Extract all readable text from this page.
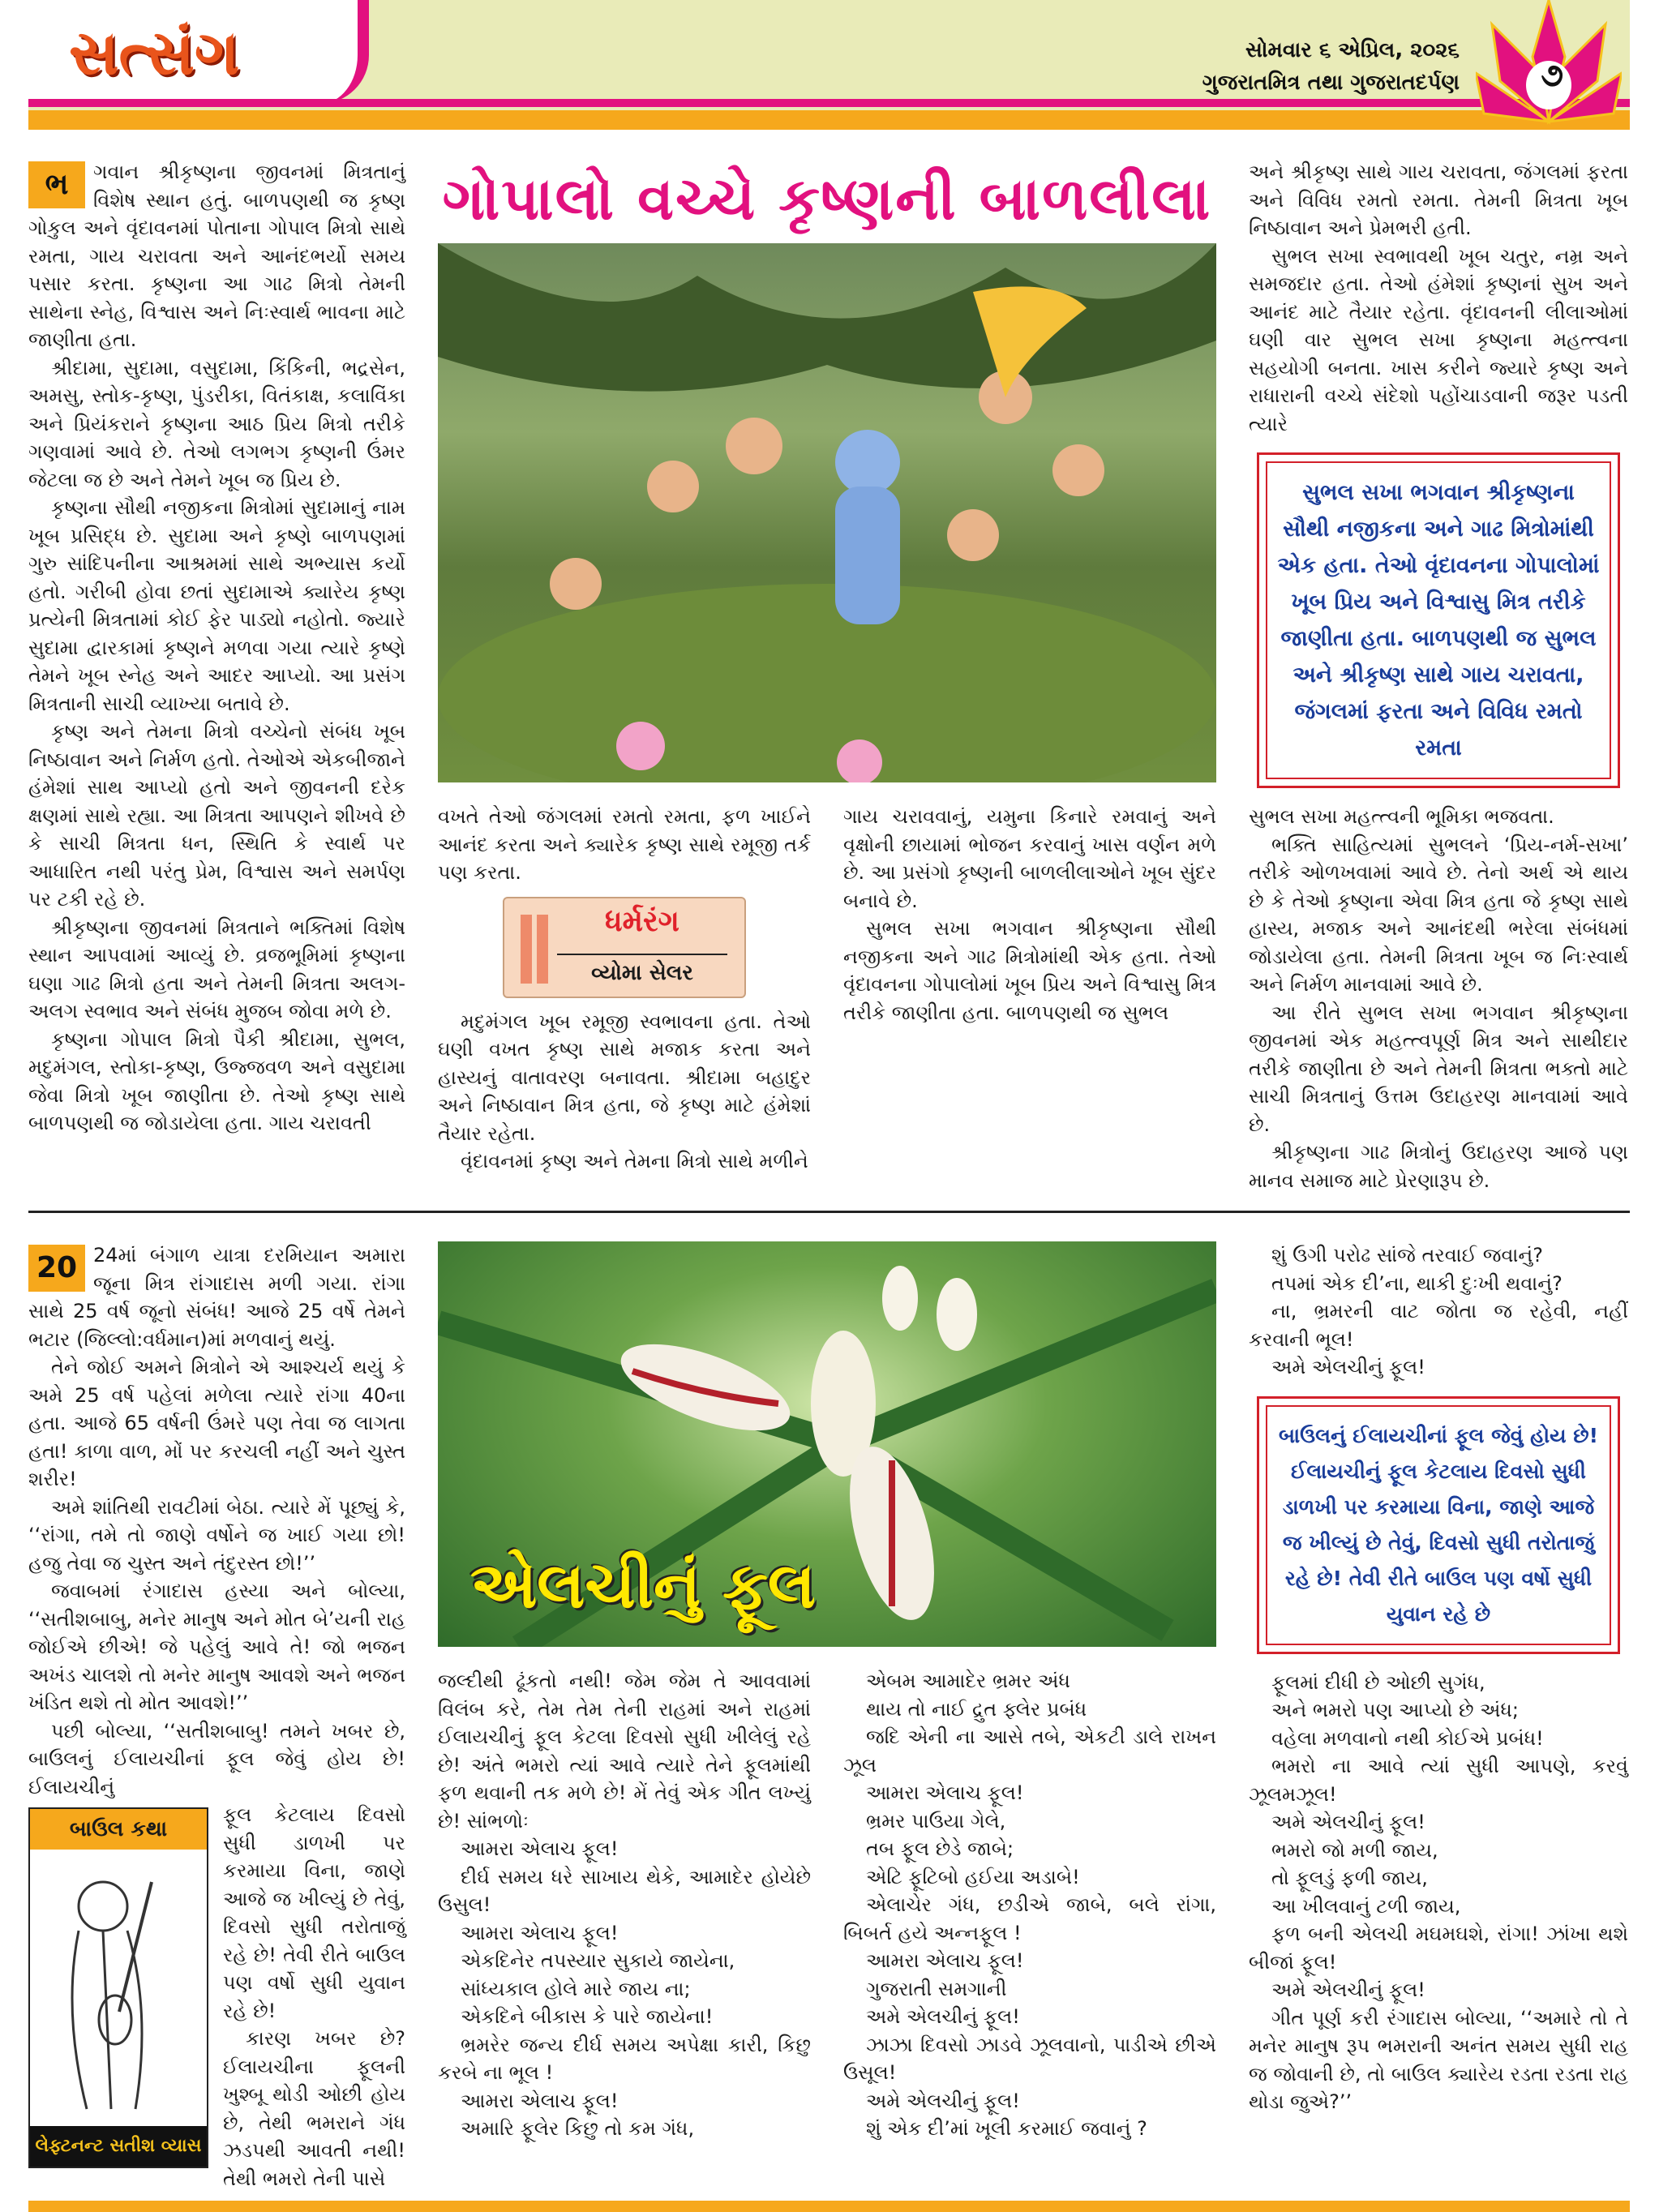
સત્સંગ	સોમવાર ૬ એપ્રિલ, ૨૦૨૬
ગુજરાતમિત્ર તથા ગુજરાતદર્પણ	૭
ભ	ગવાન શ્રીકૃષ્ણના જીવનમાં મિત્રતાનું વિશેષ સ્થાન હતું. બાળપણથી જ કૃષ્ણ ગોકુલ અને વૃંદાવનમાં પોતાના ગોપાલ મિત્રો સાથે રમતા, ગાય ચરાવતા અને આનંદભર્યો સમય પસાર કરતા. કૃષ્ણના આ ગાઢ મિત્રો તેમની સાથેના સ્નેહ, વિશ્વાસ અને નિઃસ્વાર્થ ભાવના માટે જાણીતા હતા.

શ્રીદામા, સુદામા, વસુદામા, કિંકિની, ભદ્રસેન, અમસુ, સ્તોક-કૃષ્ણ, પુંડરીકા, વિતંકાક્ષ, કલાવિંકા અને પ્રિયંકરાને કૃષ્ણના આઠ પ્રિય મિત્રો તરીકે ગણવામાં આવે છે. તેઓ લગભગ કૃષ્ણની ઉંમર જેટલા જ છે અને તેમને ખૂબ જ પ્રિય છે.

કૃષ્ણના સૌથી નજીકના મિત્રોમાં સુદામાનું નામ ખૂબ પ્રસિદ્ધ છે. સુદામા અને કૃષ્ણે બાળપણમાં ગુરુ સાંદિપનીના આશ્રમમાં સાથે અભ્યાસ કર્યો હતો. ગરીબી હોવા છતાં સુદામાએ ક્યારેય કૃષ્ણ પ્રત્યેની મિત્રતામાં કોઈ ફેર પાડ્યો નહોતો. જ્યારે સુદામા દ્વારકામાં કૃષ્ણને મળવા ગયા ત્યારે કૃષ્ણે તેમને ખૂબ સ્નેહ અને આદર આપ્યો. આ પ્રસંગ મિત્રતાની સાચી વ્યાખ્યા બતાવે છે.

કૃષ્ણ અને તેમના મિત્રો વચ્ચેનો સંબંધ ખૂબ નિષ્ઠાવાન અને નિર્મળ હતો. તેઓએ એકબીજાને હંમેશાં સાથ આપ્યો હતો અને જીવનની દરેક ક્ષણમાં સાથે રહ્યા. આ મિત્રતા આપણને શીખવે છે કે સાચી મિત્રતા ધન, સ્થિતિ કે સ્વાર્થ પર આધારિત નથી પરંતુ પ્રેમ, વિશ્વાસ અને સમર્પણ પર ટકી રહે છે.

શ્રીકૃષ્ણના જીવનમાં મિત્રતાને ભક્તિમાં વિશેષ સ્થાન આપવામાં આવ્યું છે. વ્રજભૂમિમાં કૃષ્ણના ઘણા ગાઢ મિત્રો હતા અને તેમની મિત્રતા અલગ-અલગ સ્વભાવ અને સંબંધ મુજબ જોવા મળે છે.

કૃષ્ણના ગોપાલ મિત્રો પૈકી શ્રીદામા, સુભલ, મદુમંગલ, સ્તોકા-કૃષ્ણ, ઉજ્જવળ અને વસુદામા જેવા મિત્રો ખૂબ જાણીતા છે. તેઓ કૃષ્ણ સાથે બાળપણથી જ જોડાયેલા હતા. ગાય ચરાવતી

ગોપાલો વચ્ચે કૃષ્ણની બાળલીલા

વખતે તેઓ જંગલમાં રમતો રમતા, ફળ ખાઈને આનંદ કરતા અને ક્યારેક કૃષ્ણ સાથે રમૂજી તર્ક પણ કરતા.

ધર્મરંગ
વ્યોમા સેલર

મદુમંગલ ખૂબ રમૂજી સ્વભાવના હતા. તેઓ ઘણી વખત કૃષ્ણ સાથે મજાક કરતા અને હાસ્યનું વાતાવરણ બનાવતા. શ્રીદામા બહાદુર અને નિષ્ઠાવાન મિત્ર હતા, જે કૃષ્ણ માટે હંમેશાં તૈયાર રહેતા.

વૃંદાવનમાં કૃષ્ણ અને તેમના મિત્રો સાથે મળીને

ગાય ચરાવવાનું, યમુના કિનારે રમવાનું અને વૃક્ષોની છાયામાં ભોજન કરવાનું ખાસ વર્ણન મળે છે. આ પ્રસંગો કૃષ્ણની બાળલીલાઓને ખૂબ સુંદર બનાવે છે.

સુભલ સખા ભગવાન શ્રીકૃષ્ણના સૌથી નજીકના અને ગાઢ મિત્રોમાંથી એક હતા. તેઓ વૃંદાવનના ગોપાલોમાં ખૂબ પ્રિય અને વિશ્વાસુ મિત્ર તરીકે જાણીતા હતા. બાળપણથી જ સુભલ

અને શ્રીકૃષ્ણ સાથે ગાય ચરાવતા, જંગલમાં ફરતા અને વિવિધ રમતો રમતા. તેમની મિત્રતા ખૂબ નિષ્ઠાવાન અને પ્રેમભરી હતી.

સુભલ સખા સ્વભાવથી ખૂબ ચતુર, નમ્ર અને સમજદાર હતા. તેઓ હંમેશાં કૃષ્ણનાં સુખ અને આનંદ માટે તૈયાર રહેતા. વૃંદાવનની લીલાઓમાં ઘણી વાર સુભલ સખા કૃષ્ણના મહત્ત્વના સહયોગી બનતા. ખાસ કરીને જ્યારે કૃષ્ણ અને રાધારાની વચ્ચે સંદેશો પહોંચાડવાની જરૂર પડતી ત્યારે

સુભલ સખા ભગવાન શ્રીકૃષ્ણના સૌથી નજીકના અને ગાઢ મિત્રોમાંથી એક હતા. તેઓ વૃંદાવનના ગોપાલોમાં ખૂબ પ્રિય અને વિશ્વાસુ મિત્ર તરીકે જાણીતા હતા. બાળપણથી જ સુભલ અને શ્રીકૃષ્ણ સાથે ગાય ચરાવતા, જંગલમાં ફરતા અને વિવિધ રમતો રમતા

સુભલ સખા મહત્ત્વની ભૂમિકા ભજવતા.

ભક્તિ સાહિત્યમાં સુભલને ‘પ્રિય-નર્મ-સખા’ તરીકે ઓળખવામાં આવે છે. તેનો અર્થ એ થાય છે કે તેઓ કૃષ્ણના એવા મિત્ર હતા જે કૃષ્ણ સાથે હાસ્ય, મજાક અને આનંદથી ભરેલા સંબંધમાં જોડાયેલા હતા. તેમની મિત્રતા ખૂબ જ નિઃસ્વાર્થ અને નિર્મળ માનવામાં આવે છે.

આ રીતે સુભલ સખા ભગવાન શ્રીકૃષ્ણના જીવનમાં એક મહત્ત્વપૂર્ણ મિત્ર અને સાથીદાર તરીકે જાણીતા છે અને તેમની મિત્રતા ભક્તો માટે સાચી મિત્રતાનું ઉત્તમ ઉદાહરણ માનવામાં આવે છે.

શ્રીકૃષ્ણના ગાઢ મિત્રોનું ઉદાહરણ આજે પણ માનવ સમાજ માટે પ્રેરણારૂપ છે.

20 24માં બંગાળ યાત્રા દરમિયાન અમારા જૂના મિત્ર રાંગાદાસ મળી ગયા. રાંગા સાથે 25 વર્ષ જૂનો સંબંધ! આજે 25 વર્ષે તેમને ભટાર (જિલ્લો:વર્ધમાન)માં મળવાનું થયું.

તેને જોઈ અમને મિત્રોને એ આશ્ચર્ય થયું કે અમે 25 વર્ષ પહેલાં મળેલા ત્યારે રાંગા 40ના હતા. આજે 65 વર્ષની ઉંમરે પણ તેવા જ લાગતા હતા! કાળા વાળ, મોં પર કરચલી નહીં અને ચુસ્ત શરીર!

અમે શાંતિથી રાવટીમાં બેઠા. ત્યારે મેં પૂછ્યું કે, ‘‘રાંગા, તમે તો જાણે વર્ષોને જ ખાઈ ગયા છો! હજુ તેવા જ ચુસ્ત અને તંદુરસ્ત છો!’’

જવાબમાં રંગાદાસ હસ્યા અને બોલ્યા, ‘‘સતીશબાબુ, મનેર માનુષ અને મોત બે’યની રાહ જોઈએ છીએ! જે પહેલું આવે તે! જો ભજન અખંડ ચાલશે તો મનેર માનુષ આવશે અને ભજન ખંડિત થશે તો મોત આવશે!’’

પછી બોલ્યા, ‘‘સતીશબાબુ! તમને ખબર છે, બાઉલનું ઈલાયચીનાં ફૂલ જેવું હોય છે! ઈલાયચીનું

બાઉલ કથા
લેફ્ટનન્ટ સતીશ વ્યાસ

ફૂલ કેટલાય દિવસો સુધી ડાળખી પર કરમાયા વિના, જાણે આજે જ ખીલ્યું છે તેવું, દિવસો સુધી તરોતાજું રહે છે! તેવી રીતે બાઉલ પણ વર્ષો સુધી યુવાન રહે છે!

કારણ ખબર છે? ઈલાયચીના ફૂલની ખુશ્બૂ થોડી ઓછી હોય છે, તેથી ભમરાને ગંધ ઝડપથી આવતી નથી! તેથી ભમરો તેની પાસે

એલચીનું ફૂલ

જલ્દીથી ઢૂંકતો નથી! જેમ જેમ તે આવવામાં વિલંબ કરે, તેમ તેમ તેની રાહમાં અને રાહમાં ઈલાયચીનું ફૂલ કેટલા દિવસો સુધી ખીલેલું રહે છે! અંતે ભમરો ત્યાં આવે ત્યારે તેને ફૂલમાંથી ફળ થવાની તક મળે છે! મેં તેવું એક ગીત લખ્યું છે! સાંભળોઃ

આમરા એલાચ ફૂલ!

દીર્ઘ સમય ધરે સાખાય થેકે, આમાદેર હોયેછે ઉસુલ!

આમરા એલાચ ફૂલ!

એકદિનેર તપસ્યાર સુકાયે જાયેના,

સાંધ્યકાલ હોલે મારે જાય ના;

એકદિને બીકાસ કે પારે જાયેના!

ભ્રમરેર જન્ય દીર્ઘ સમય અપેક્ષા કારી, કિછુ કરબે ના ભૂલ !

આમરા એલાચ ફૂલ!

અમારિ ફૂલેર કિછુ તો કમ ગંધ,

એબમ આમાદેર ભ્રમર અંધ

થાય તો નાઈ દ્રુત ફ્લેર પ્રબંધ

જદિ એની ના આસે તબે, એકટી ડાલે રાખન ઝૂલ

આમરા એલાચ ફૂલ!

ભ્રમર પાઉયા ગેલે,

તબ ફૂલ છેડે જાબે;

એટિ ફૂટિબો હઈયા અડાબે!

એલાચેર ગંધ, છડીએ જાબે, બલે રાંગા, બિબર્ત હયે અન્નફૂલ !

આમરા એલાચ ફૂલ!

ગુજરાતી સમગાની

અમે એલચીનું ફૂલ!

ઝાઝા દિવસો ઝાડવે ઝૂલવાનો, પાડીએ છીએ ઉસૂલ!

અમે એલચીનું ફૂલ!

શું એક દી’માં ખૂલી કરમાઈ જવાનું ?

શું ઉગી પરોઢ સાંજે તરવાઈ જવાનું?

તપમાં એક દી’ના, થાકી દુઃખી થવાનું?

ના, ભ્રમરની વાટ જોતા જ રહેવી, નહીં કરવાની ભૂલ!

અમે એલચીનું ફૂલ!

બાઉલનું ઈલાયચીનાં ફૂલ જેવું હોય છે! ઈલાયચીનું ફૂલ કેટલાય દિવસો સુધી ડાળખી પર કરમાયા વિના, જાણે આજે જ ખીલ્યું છે તેવું, દિવસો સુધી તરોતાજું રહે છે! તેવી રીતે બાઉલ પણ વર્ષો સુધી યુવાન રહે છે

ફૂલમાં દીધી છે ઓછી સુગંધ,

અને ભમરો પણ આપ્યો છે અંધ;

વહેલા મળવાનો નથી કોઈએ પ્રબંધ!

ભમરો ના આવે ત્યાં સુધી આપણે, કરવું ઝૂલમઝૂલ!

અમે એલચીનું ફૂલ!

ભમરો જો મળી જાય,

તો ફૂલડું ફળી જાય,

આ ખીલવાનું ટળી જાય,

ફળ બની એલચી મઘમઘશે, રાંગા! ઝાંખા થશે બીજાં ફૂલ!

અમે એલચીનું ફૂલ!

ગીત પૂર્ણ કરી રંગાદાસ બોલ્યા, ‘‘અમારે તો તે મનેર માનુષ રૂપ ભમરાની અનંત સમય સુધી રાહ જ જોવાની છે, તો બાઉલ ક્યારેય રડતા રડતા રાહ થોડા જુએ?’’
